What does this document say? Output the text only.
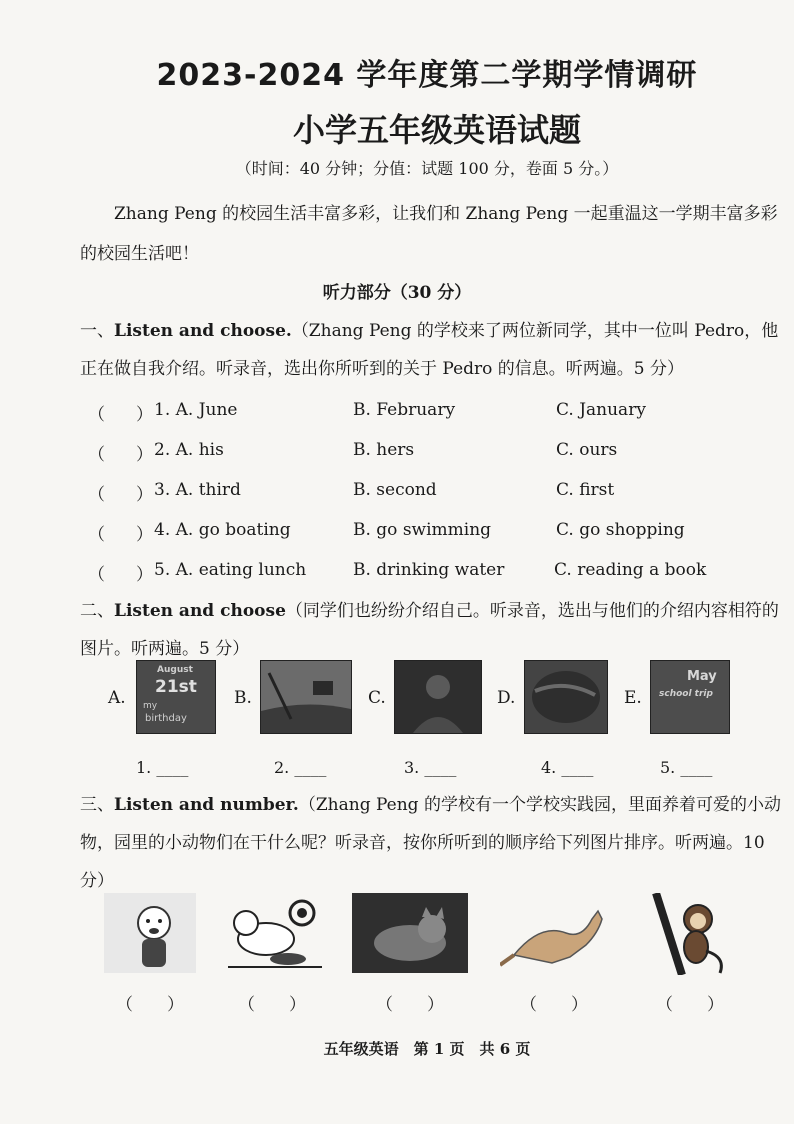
2023-2024 学年度第二学期学情调研
小学五年级英语试题
（时间：40 分钟；分值：试题 100 分，卷面 5 分。）
Zhang Peng 的校园生活丰富多彩，让我们和 Zhang Peng 一起重温这一学期丰富多彩的校园生活吧！
听力部分（30 分）
一、Listen and choose.（Zhang Peng 的学校来了两位新同学，其中一位叫 Pedro，他正在做自我介绍。听录音，选出你所听到的关于 Pedro 的信息。听两遍。5 分）
（ ） 1. A. June	B. February	C. January
（ ） 2. A. his	B. hers	C. ours
（ ） 3. A. third	B. second	C. first
（ ） 4. A. go boating	B. go swimming	C. go shopping
（ ） 5. A. eating lunch	B. drinking water	C. reading a book
二、Listen and choose（同学们也纷纷介绍自己。听录音，选出与他们的介绍内容相符的图片。听两遍。5 分）
A.
August
21st
my
birthday
B.	C.	D.	E.
May
school trip
1. ____	2. ____	3. ____	4. ____	5. ____
三、Listen and number.（Zhang Peng 的学校有一个学校实践园，里面养着可爱的小动物，园里的小动物们在干什么呢？听录音，按你所听到的顺序给下列图片排序。听两遍。10 分）
（　　）	（　　）	（　　）	（　　）	（　　）
五年级英语　第 1 页　共 6 页
